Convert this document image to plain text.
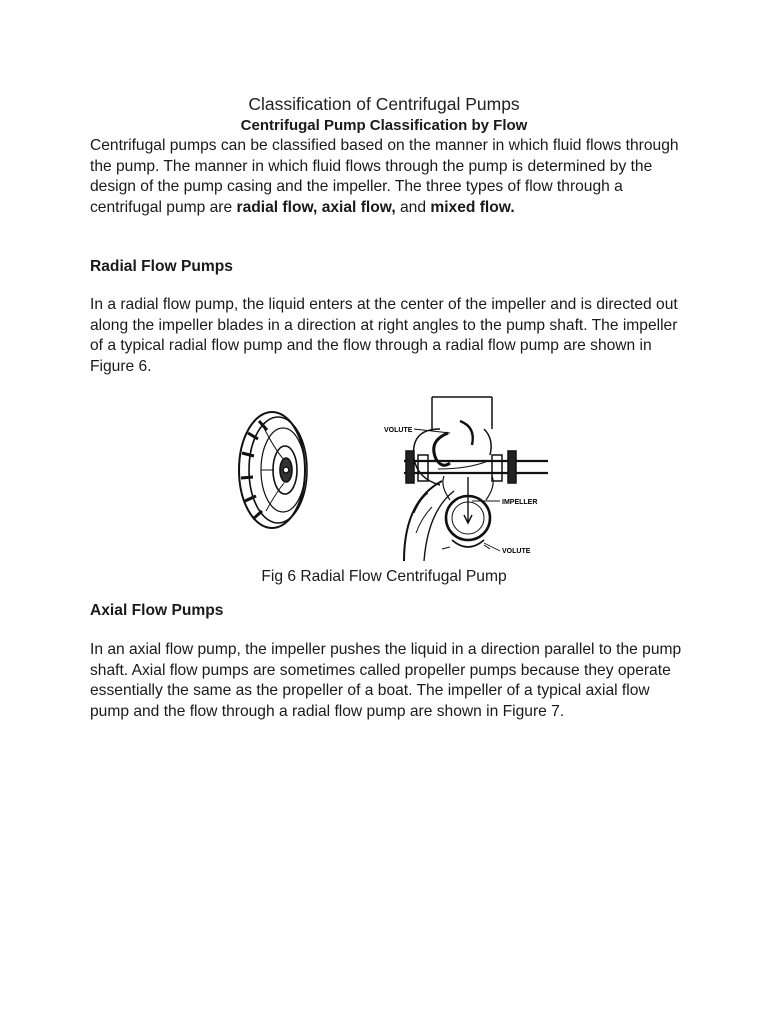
Classification of Centrifugal Pumps
Centrifugal Pump Classification by Flow

Centrifugal pumps can be classified based on the manner in which fluid flows through the pump. The manner in which fluid flows through the pump is determined by the design of the pump casing and the impeller. The three types of flow through a centrifugal pump are radial flow, axial flow, and mixed flow.

Radial Flow Pumps

In a radial flow pump, the liquid enters at the center of the impeller and is directed out along the impeller blades in a direction at right angles to the pump shaft. The impeller of a typical radial flow pump and the flow through a radial flow pump are shown in Figure 6.

VOLUTE
IMPELLER
VOLUTE
Fig 6 Radial Flow Centrifugal Pump
Axial Flow Pumps

In an axial flow pump, the impeller pushes the liquid in a direction parallel to the pump shaft. Axial flow pumps are sometimes called propeller pumps because they operate essentially the same as the propeller of a boat. The impeller of a typical axial flow pump and the flow through a radial flow pump are shown in Figure 7.
